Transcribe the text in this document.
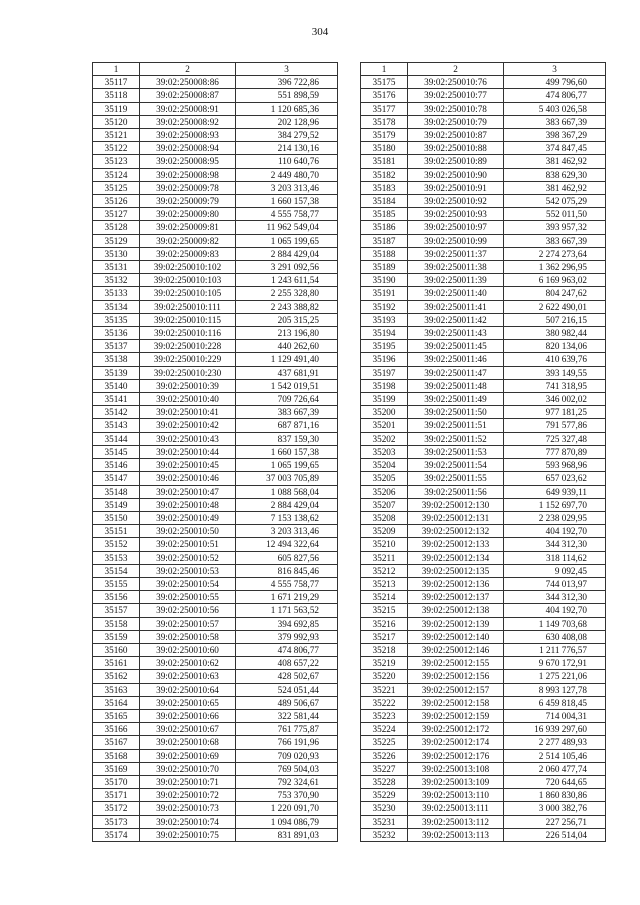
304
1	2	3
35117	39:02:250008:86	396 722,86
35118	39:02:250008:87	551 898,59
35119	39:02:250008:91	1 120 685,36
35120	39:02:250008:92	202 128,96
35121	39:02:250008:93	384 279,52
35122	39:02:250008:94	214 130,16
35123	39:02:250008:95	110 640,76
35124	39:02:250008:98	2 449 480,70
35125	39:02:250009:78	3 203 313,46
35126	39:02:250009:79	1 660 157,38
35127	39:02:250009:80	4 555 758,77
35128	39:02:250009:81	11 962 549,04
35129	39:02:250009:82	1 065 199,65
35130	39:02:250009:83	2 884 429,04
35131	39:02:250010:102	3 291 092,56
35132	39:02:250010:103	1 243 611,54
35133	39:02:250010:105	2 255 328,80
35134	39:02:250010:111	2 243 388,82
35135	39:02:250010:115	205 315,25
35136	39:02:250010:116	213 196,80
35137	39:02:250010:228	440 262,60
35138	39:02:250010:229	1 129 491,40
35139	39:02:250010:230	437 681,91
35140	39:02:250010:39	1 542 019,51
35141	39:02:250010:40	709 726,64
35142	39:02:250010:41	383 667,39
35143	39:02:250010:42	687 871,16
35144	39:02:250010:43	837 159,30
35145	39:02:250010:44	1 660 157,38
35146	39:02:250010:45	1 065 199,65
35147	39:02:250010:46	37 003 705,89
35148	39:02:250010:47	1 088 568,04
35149	39:02:250010:48	2 884 429,04
35150	39:02:250010:49	7 153 138,62
35151	39:02:250010:50	3 203 313,46
35152	39:02:250010:51	12 494 322,64
35153	39:02:250010:52	605 827,56
35154	39:02:250010:53	816 845,46
35155	39:02:250010:54	4 555 758,77
35156	39:02:250010:55	1 671 219,29
35157	39:02:250010:56	1 171 563,52
35158	39:02:250010:57	394 692,85
35159	39:02:250010:58	379 992,93
35160	39:02:250010:60	474 806,77
35161	39:02:250010:62	408 657,22
35162	39:02:250010:63	428 502,67
35163	39:02:250010:64	524 051,44
35164	39:02:250010:65	489 506,67
35165	39:02:250010:66	322 581,44
35166	39:02:250010:67	761 775,87
35167	39:02:250010:68	766 191,96
35168	39:02:250010:69	709 020,93
35169	39:02:250010:70	769 504,03
35170	39:02:250010:71	792 324,61
35171	39:02:250010:72	753 370,90
35172	39:02:250010:73	1 220 091,70
35173	39:02:250010:74	1 094 086,79
35174	39:02:250010:75	831 891,03
1	2	3
35175	39:02:250010:76	499 796,60
35176	39:02:250010:77	474 806,77
35177	39:02:250010:78	5 403 026,58
35178	39:02:250010:79	383 667,39
35179	39:02:250010:87	398 367,29
35180	39:02:250010:88	374 847,45
35181	39:02:250010:89	381 462,92
35182	39:02:250010:90	838 629,30
35183	39:02:250010:91	381 462,92
35184	39:02:250010:92	542 075,29
35185	39:02:250010:93	552 011,50
35186	39:02:250010:97	393 957,32
35187	39:02:250010:99	383 667,39
35188	39:02:250011:37	2 274 273,64
35189	39:02:250011:38	1 362 296,95
35190	39:02:250011:39	6 169 963,02
35191	39:02:250011:40	804 247,62
35192	39:02:250011:41	2 622 490,01
35193	39:02:250011:42	507 216,15
35194	39:02:250011:43	380 982,44
35195	39:02:250011:45	820 134,06
35196	39:02:250011:46	410 639,76
35197	39:02:250011:47	393 149,55
35198	39:02:250011:48	741 318,95
35199	39:02:250011:49	346 002,02
35200	39:02:250011:50	977 181,25
35201	39:02:250011:51	791 577,86
35202	39:02:250011:52	725 327,48
35203	39:02:250011:53	777 870,89
35204	39:02:250011:54	593 968,96
35205	39:02:250011:55	657 023,62
35206	39:02:250011:56	649 939,11
35207	39:02:250012:130	1 152 697,70
35208	39:02:250012:131	2 238 029,95
35209	39:02:250012:132	404 192,70
35210	39:02:250012:133	344 312,30
35211	39:02:250012:134	318 114,62
35212	39:02:250012:135	9 092,45
35213	39:02:250012:136	744 013,97
35214	39:02:250012:137	344 312,30
35215	39:02:250012:138	404 192,70
35216	39:02:250012:139	1 149 703,68
35217	39:02:250012:140	630 408,08
35218	39:02:250012:146	1 211 776,57
35219	39:02:250012:155	9 670 172,91
35220	39:02:250012:156	1 275 221,06
35221	39:02:250012:157	8 993 127,78
35222	39:02:250012:158	6 459 818,45
35223	39:02:250012:159	714 004,31
35224	39:02:250012:172	16 939 297,60
35225	39:02:250012:174	2 277 489,93
35226	39:02:250012:176	2 514 105,46
35227	39:02:250013:108	2 060 477,74
35228	39:02:250013:109	720 644,65
35229	39:02:250013:110	1 860 830,86
35230	39:02:250013:111	3 000 382,76
35231	39:02:250013:112	227 256,71
35232	39:02:250013:113	226 514,04
